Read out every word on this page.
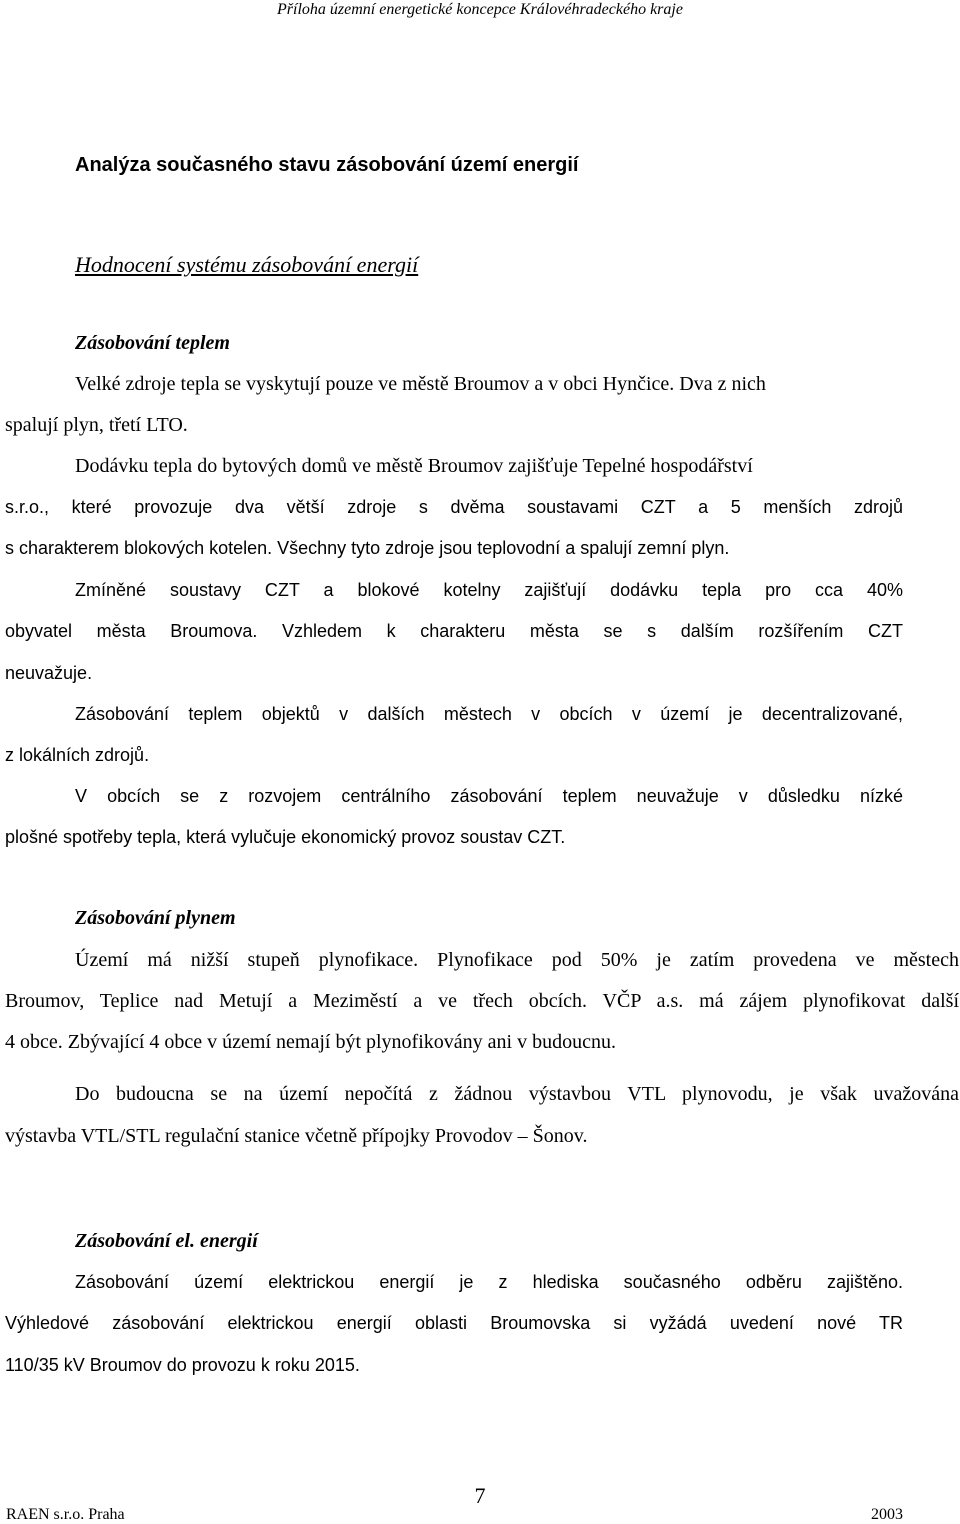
Příloha územní energetické koncepce Královéhradeckého kraje
Analýza současného stavu zásobování území energií
Hodnocení systému zásobování energií
Zásobování teplem
Velké zdroje tepla se vyskytují pouze ve městě Broumov a v obci Hynčice. Dva z nich
spalují plyn, třetí LTO.
Dodávku tepla do bytových domů ve městě Broumov zajišťuje Tepelné hospodářství
s.r.o., které provozuje dva větší zdroje s dvěma soustavami CZT a 5 menších zdrojů
s charakterem blokových kotelen. Všechny tyto zdroje jsou teplovodní a spalují zemní plyn.
Zmíněné soustavy CZT a blokové kotelny zajišťují dodávku tepla pro cca 40%
obyvatel města Broumova. Vzhledem k charakteru města se s dalším rozšířením CZT
neuvažuje.
Zásobování teplem objektů v dalších městech v obcích v území je decentralizované,
z lokálních zdrojů.
V obcích se z rozvojem centrálního zásobování teplem neuvažuje v důsledku nízké
plošné spotřeby tepla, která vylučuje ekonomický provoz soustav CZT.
Zásobování plynem
Území má nižší stupeň plynofikace. Plynofikace pod 50% je zatím provedena ve městech
Broumov, Teplice nad Metují a Meziměstí a ve třech obcích. VČP a.s. má zájem plynofikovat další
4 obce. Zbývající 4 obce v území nemají být plynofikovány ani v budoucnu.
Do budoucna se na území nepočítá z žádnou výstavbou VTL plynovodu, je však uvažována
výstavba VTL/STL regulační stanice včetně přípojky Provodov – Šonov.
Zásobování el. energií
Zásobování území elektrickou energií je z hlediska současného odběru zajištěno.
Výhledové zásobování elektrickou energií oblasti Broumovska si vyžádá uvedení nové TR
110/35 kV Broumov do provozu k roku 2015.
7
RAEN s.r.o. Praha	2003
